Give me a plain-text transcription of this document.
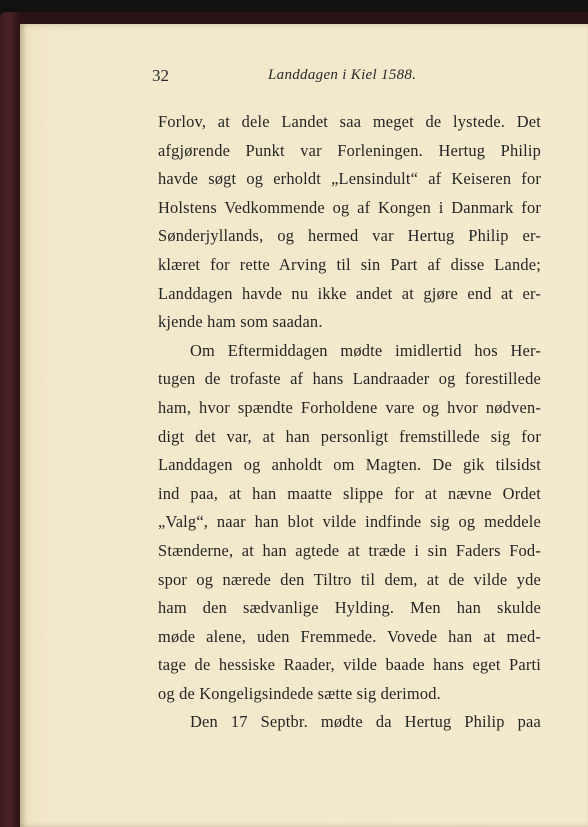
32	Landdagen i Kiel 1588.
Forlov, at dele Landet saa meget de lystede. Det
afgjørende Punkt var Forleningen. Hertug Philip
havde søgt og erholdt „Lensindult“ af Keiseren for
Holstens Vedkommende og af Kongen i Danmark for
Sønderjyllands, og hermed var Hertug Philip er-
klæret for rette Arving til sin Part af disse Lande;
Landdagen havde nu ikke andet at gjøre end at er-
kjende ham som saadan.
Om Eftermiddagen mødte imidlertid hos Her-
tugen de trofaste af hans Landraader og forestillede
ham, hvor spændte Forholdene vare og hvor nødven-
digt det var, at han personligt fremstillede sig for
Landdagen og anholdt om Magten. De gik tilsidst
ind paa, at han maatte slippe for at nævne Ordet
„Valg“, naar han blot vilde indfinde sig og meddele
Stænderne, at han agtede at træde i sin Faders Fod-
spor og nærede den Tiltro til dem, at de vilde yde
ham den sædvanlige Hylding. Men han skulde
møde alene, uden Fremmede. Vovede han at med-
tage de hessiske Raader, vilde baade hans eget Parti
og de Kongeligsindede sætte sig derimod.
Den 17 Septbr. mødte da Hertug Philip paa
